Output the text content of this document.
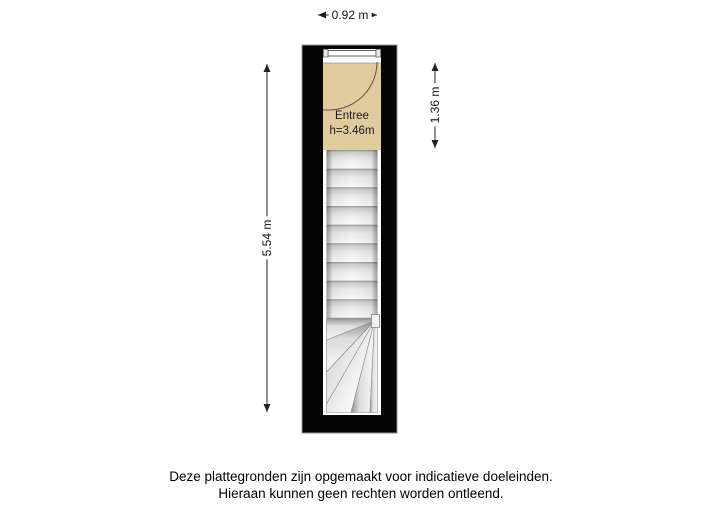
0.92 m
5.54 m
1.36 m
Entree
h=3.46m
Deze plattegronden zijn opgemaakt voor indicatieve doeleinden.
Hieraan kunnen geen rechten worden ontleend.
